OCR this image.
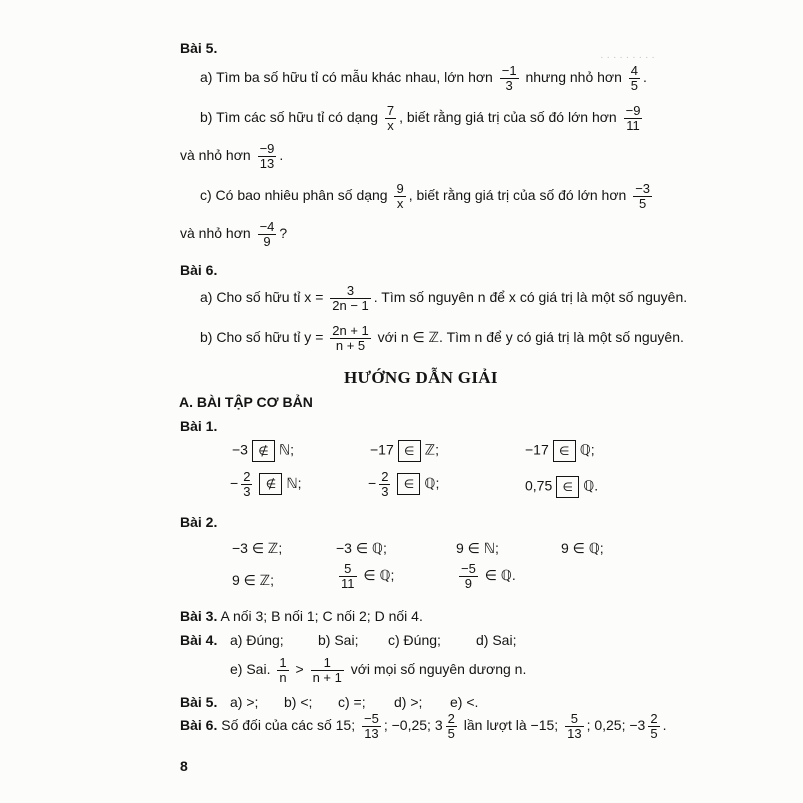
· · · · · · · · ·
Bài 5.
a) Tìm ba số hữu tỉ có mẫu khác nhau, lớn hơn $\frac{-1}{3}$ nhưng nhỏ hơn $\frac{4}{5}$ .
b) Tìm các số hữu tỉ có dạng $\frac{7}{x}$ , biết rằng giá trị của số đó lớn hơn $\frac{-9}{11}$
và nhỏ hơn $\frac{-9}{13}$ .
c) Có bao nhiêu phân số dạng $\frac{9}{x}$ , biết rằng giá trị của số đó lớn hơn $\frac{-3}{5}$
và nhỏ hơn $\frac{-4}{9}$ ?
Bài 6.
a) Cho số hữu tỉ $x = \frac{3}{2n - 1}$ . Tìm số nguyên n để x có giá trị là một số nguyên.
b) Cho số hữu tỉ $y = \frac{2n + 1}{n + 5}$ với n ∈ ℤ. Tìm n để y có giá trị là một số nguyên.
HƯỚNG DẪN GIẢI
A. BÀI TẬP CƠ BẢN
Bài 1.
−3 ∉ ℕ;	−17 ∈ ℤ;	−17 ∈ ℚ;
− $\frac{2}{3}$ ∉ ℕ;	− $\frac{2}{3}$ ∈ ℚ;	0,75 ∈ ℚ.
Bài 2.
−3 ∈ ℤ;	−3 ∈ ℚ;	9 ∈ ℕ;	9 ∈ ℚ;
9 ∈ ℤ;	$\frac{5}{11}$ ∈ ℚ;	$\frac{-5}{9}$ ∈ ℚ.
Bài 3. A nối 3; B nối 1; C nối 2; D nối 4.
Bài 4. a) Đúng; b) Sai; c) Đúng;	d) Sai;
e) Sai. $\frac{1}{n} > \frac{1}{n + 1}$ với mọi số nguyên dương n.
Bài 5. a) >; b) <; c) =; d) >; e) <.
Bài 6. Số đối của các số 15; $\frac{-5}{13}$ ; −0,25; $3 \frac{2}{5}$ lần lượt là −15; $\frac{5}{13}$ ; 0,25; $-3 \frac{2}{5}$ .
8
